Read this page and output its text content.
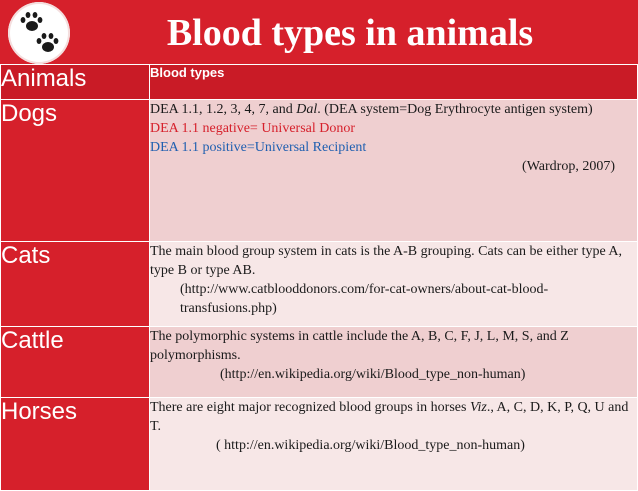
Blood types in animals
Animals	Blood types
Dogs	DEA 1.1, 1.2, 3, 4, 7, and Dal. (DEA system=Dog Erythrocyte antigen system)
DEA 1.1 negative= Universal Donor
DEA 1.1 positive=Universal Recipient
(Wardrop, 2007)

Cats	The main blood group system in cats is the A-B grouping. Cats can be either type A, type B or type AB.
(http://www.catblooddonors.com/for-cat-owners/about-cat-blood-transfusions.php)

Cattle	The polymorphic systems in cattle include the A, B, C, F, J, L, M, S, and Z polymorphisms.
(http://en.wikipedia.org/wiki/Blood_type_non-human)

Horses	There are eight major recognized blood groups in horses Viz., A, C, D, K, P, Q, U and T.
( http://en.wikipedia.org/wiki/Blood_type_non-human)
